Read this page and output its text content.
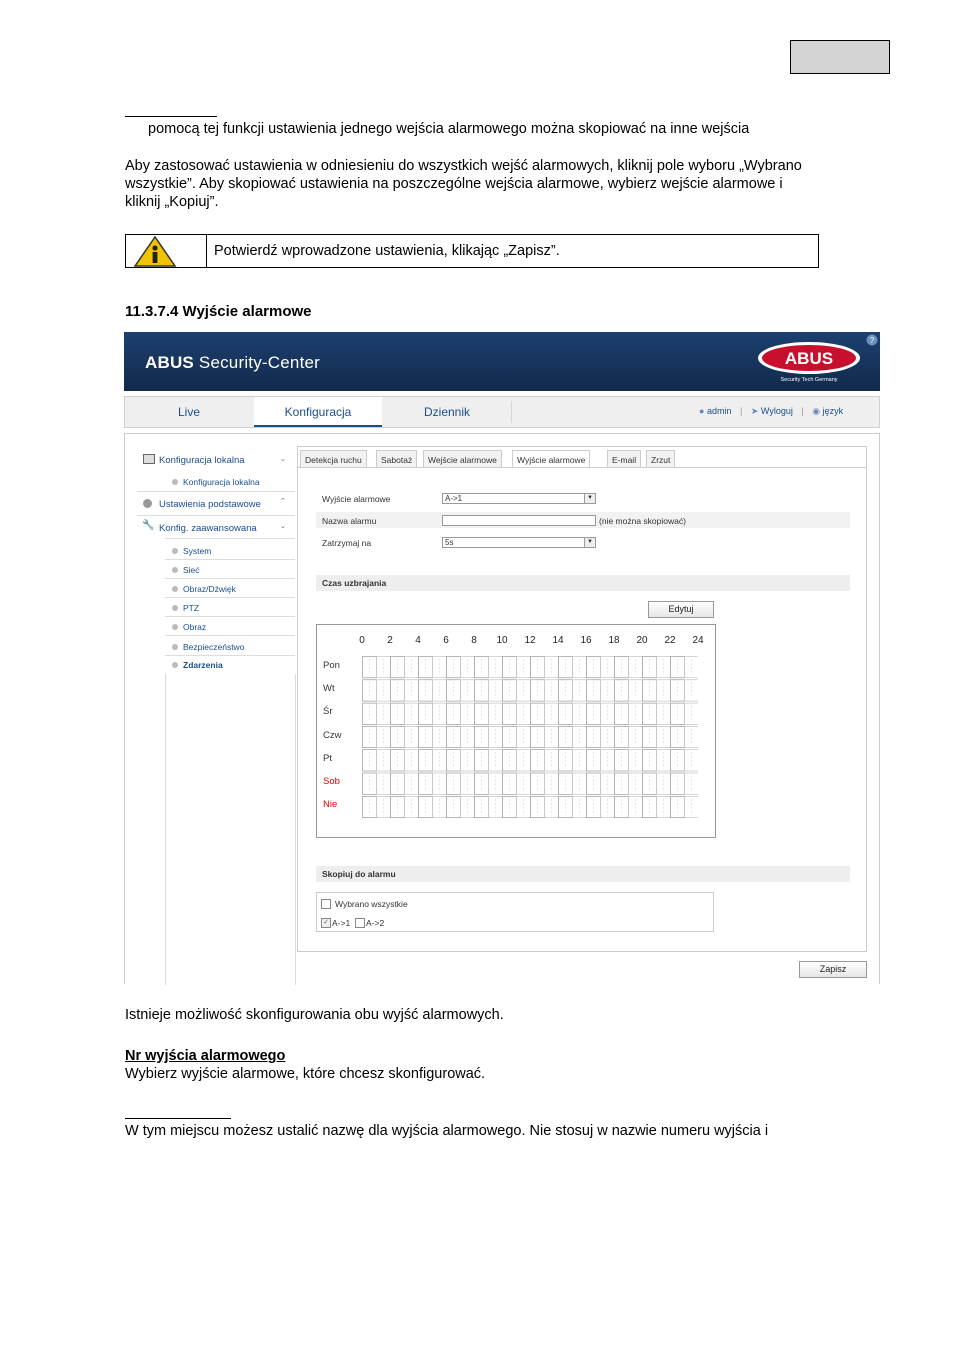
pomocą tej funkcji ustawienia jednego wejścia alarmowego można skopiować na inne wejścia
Aby zastosować ustawienia w odniesieniu do wszystkich wejść alarmowych, kliknij pole wyboru „Wybrano
wszystkie”. Aby skopiować ustawienia na poszczególne wejścia alarmowe, wybierz wejście alarmowe i
kliknij „Kopiuj”.
Potwierdź wprowadzone ustawienia, klikając „Zapisz”.
11.3.7.4 Wyjście alarmowe
ABUS Security-Center	ABUS
Security Tech Germany
?
Live	Konfiguracja	Dziennik	● admin | ➤ Wyloguj | ◉ język
Konfiguracja lokalna	⌄
Konfiguracja lokalna
Ustawienia podstawowe	⌃
🔧 Konfig. zaawansowana	⌄
System
Sieć
Obraz/Dźwięk
PTZ
Obraz
Bezpieczeństwo
Zdarzenia
Detekcja ruchu	Sabotaż	Wejście alarmowe	Wyjście alarmowe	E-mail	Zrzut
Wyjście alarmowe	A->1	▼
Nazwa alarmu	(nie można skopiować)
Zatrzymaj na	5s	▼
Czas uzbrajania
Edytuj
0	2	4	6	8	10	12	14	16	18	20	22	24
Pon
Wt
Śr
Czw
Pt
Sob
Nie
Skopiuj do alarmu
Wybrano wszystkie
✓ A->1 A->2
Zapisz
Istnieje możliwość skonfigurowania obu wyjść alarmowych.
Nr wyjścia alarmowego
Wybierz wyjście alarmowe, które chcesz skonfigurować.
W tym miejscu możesz ustalić nazwę dla wyjścia alarmowego. Nie stosuj w nazwie numeru wyjścia i
